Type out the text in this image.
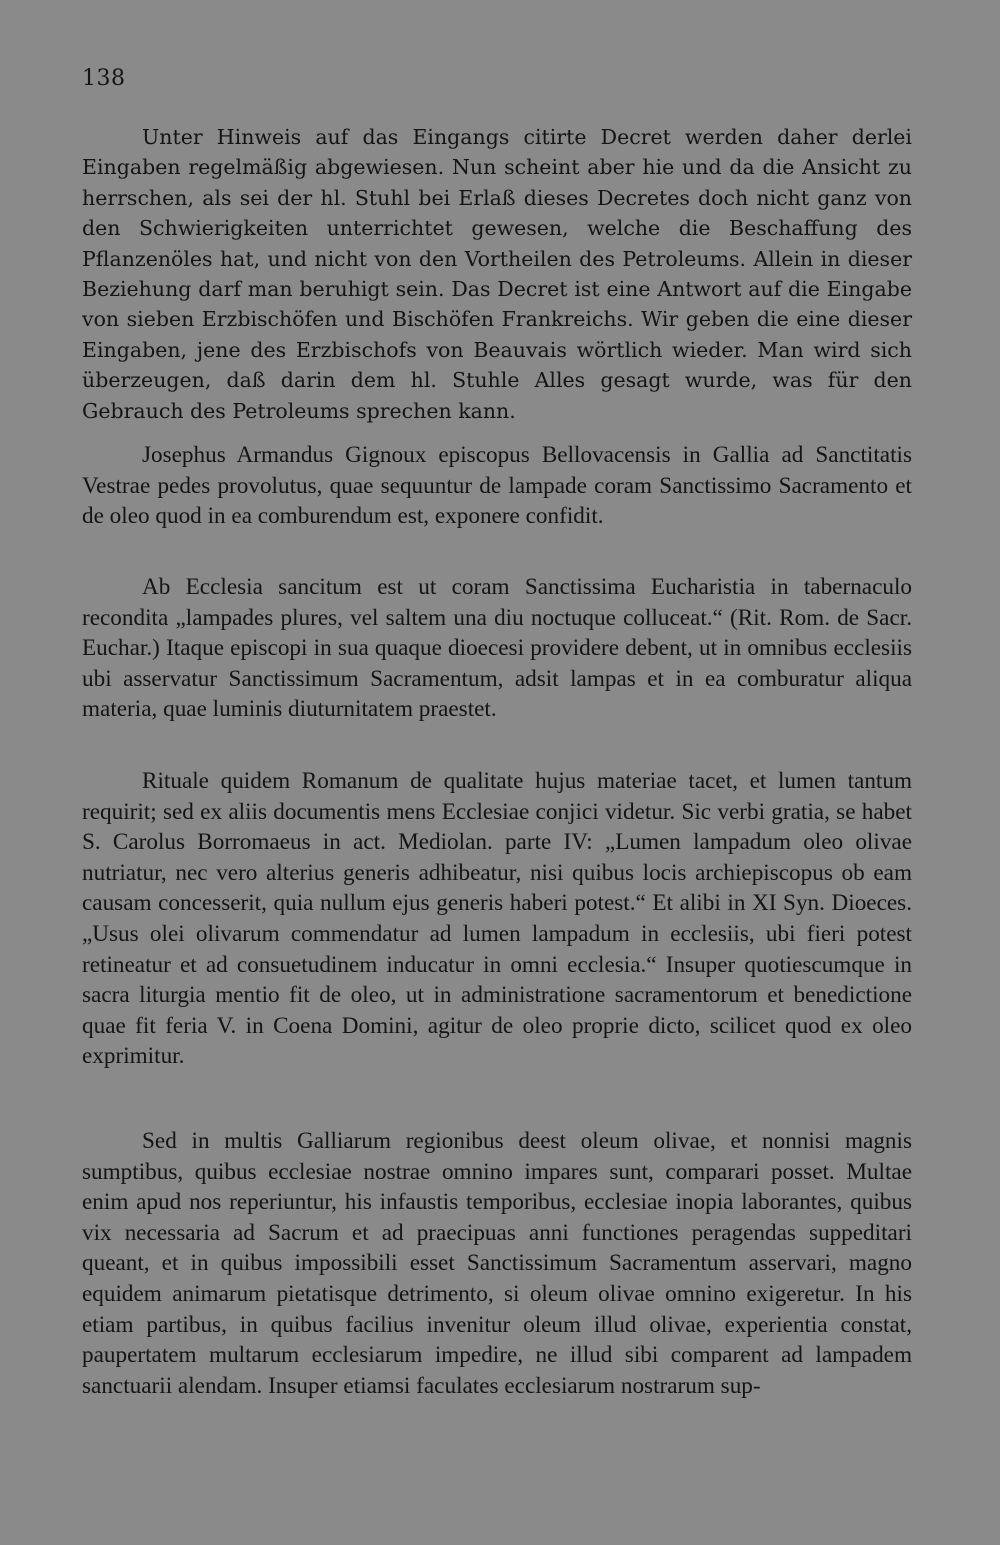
138
Unter Hinweis auf das Eingangs citirte Decret werden daher derlei Eingaben regelmäßig abgewiesen. Nun scheint aber hie und da die Ansicht zu herrschen, als sei der hl. Stuhl bei Erlaß dieses Decretes doch nicht ganz von den Schwierigkeiten unterrichtet gewesen, welche die Beschaffung des Pflanzenöles hat, und nicht von den Vortheilen des Petroleums. Allein in dieser Beziehung darf man beruhigt sein. Das Decret ist eine Antwort auf die Eingabe von sieben Erzbischöfen und Bischöfen Frankreichs. Wir geben die eine dieser Eingaben, jene des Erzbischofs von Beauvais wörtlich wieder. Man wird sich überzeugen, daß darin dem hl. Stuhle Alles gesagt wurde, was für den Gebrauch des Petroleums sprechen kann.

Josephus Armandus Gignoux episcopus Bellovacensis in Gallia ad Sanctitatis Vestrae pedes provolutus, quae sequuntur de lampade coram Sanctissimo Sacramento et de oleo quod in ea comburendum est, exponere confidit.

Ab Ecclesia sancitum est ut coram Sanctissima Eucharistia in tabernaculo recondita „lampades plures, vel saltem una diu noctuque colluceat.“ (Rit. Rom. de Sacr. Euchar.) Itaque episcopi in sua quaque dioecesi providere debent, ut in omnibus ecclesiis ubi asservatur Sanctissimum Sacramentum, adsit lampas et in ea comburatur aliqua materia, quae luminis diuturnitatem praestet.

Rituale quidem Romanum de qualitate hujus materiae tacet, et lumen tantum requirit; sed ex aliis documentis mens Ecclesiae conjici videtur. Sic verbi gratia, se habet S. Carolus Borromaeus in act. Mediolan. parte IV: „Lumen lampadum oleo olivae nutriatur, nec vero alterius generis adhibeatur, nisi quibus locis archiepiscopus ob eam causam concesserit, quia nullum ejus generis haberi potest.“ Et alibi in XI Syn. Dioeces. „Usus olei olivarum commendatur ad lumen lampadum in ecclesiis, ubi fieri potest retineatur et ad consuetudinem inducatur in omni ecclesia.“ Insuper quotiescumque in sacra liturgia mentio fit de oleo, ut in administratione sacramentorum et benedictione quae fit feria V. in Coena Domini, agitur de oleo proprie dicto, scilicet quod ex oleo exprimitur.

Sed in multis Galliarum regionibus deest oleum olivae, et nonnisi magnis sumptibus, quibus ecclesiae nostrae omnino impares sunt, comparari posset. Multae enim apud nos reperiuntur, his infaustis temporibus, ecclesiae inopia laborantes, quibus vix necessaria ad Sacrum et ad praecipuas anni functiones peragendas suppeditari queant, et in quibus impossibili esset Sanctissimum Sacramentum asservari, magno equidem animarum pietatisque detrimento, si oleum olivae omnino exigeretur. In his etiam partibus, in quibus facilius invenitur oleum illud olivae, experientia constat, paupertatem multarum ecclesiarum impedire, ne illud sibi comparent ad lampadem sanctuarii alendam. Insuper etiamsi faculates ecclesiarum nostrarum sup-
